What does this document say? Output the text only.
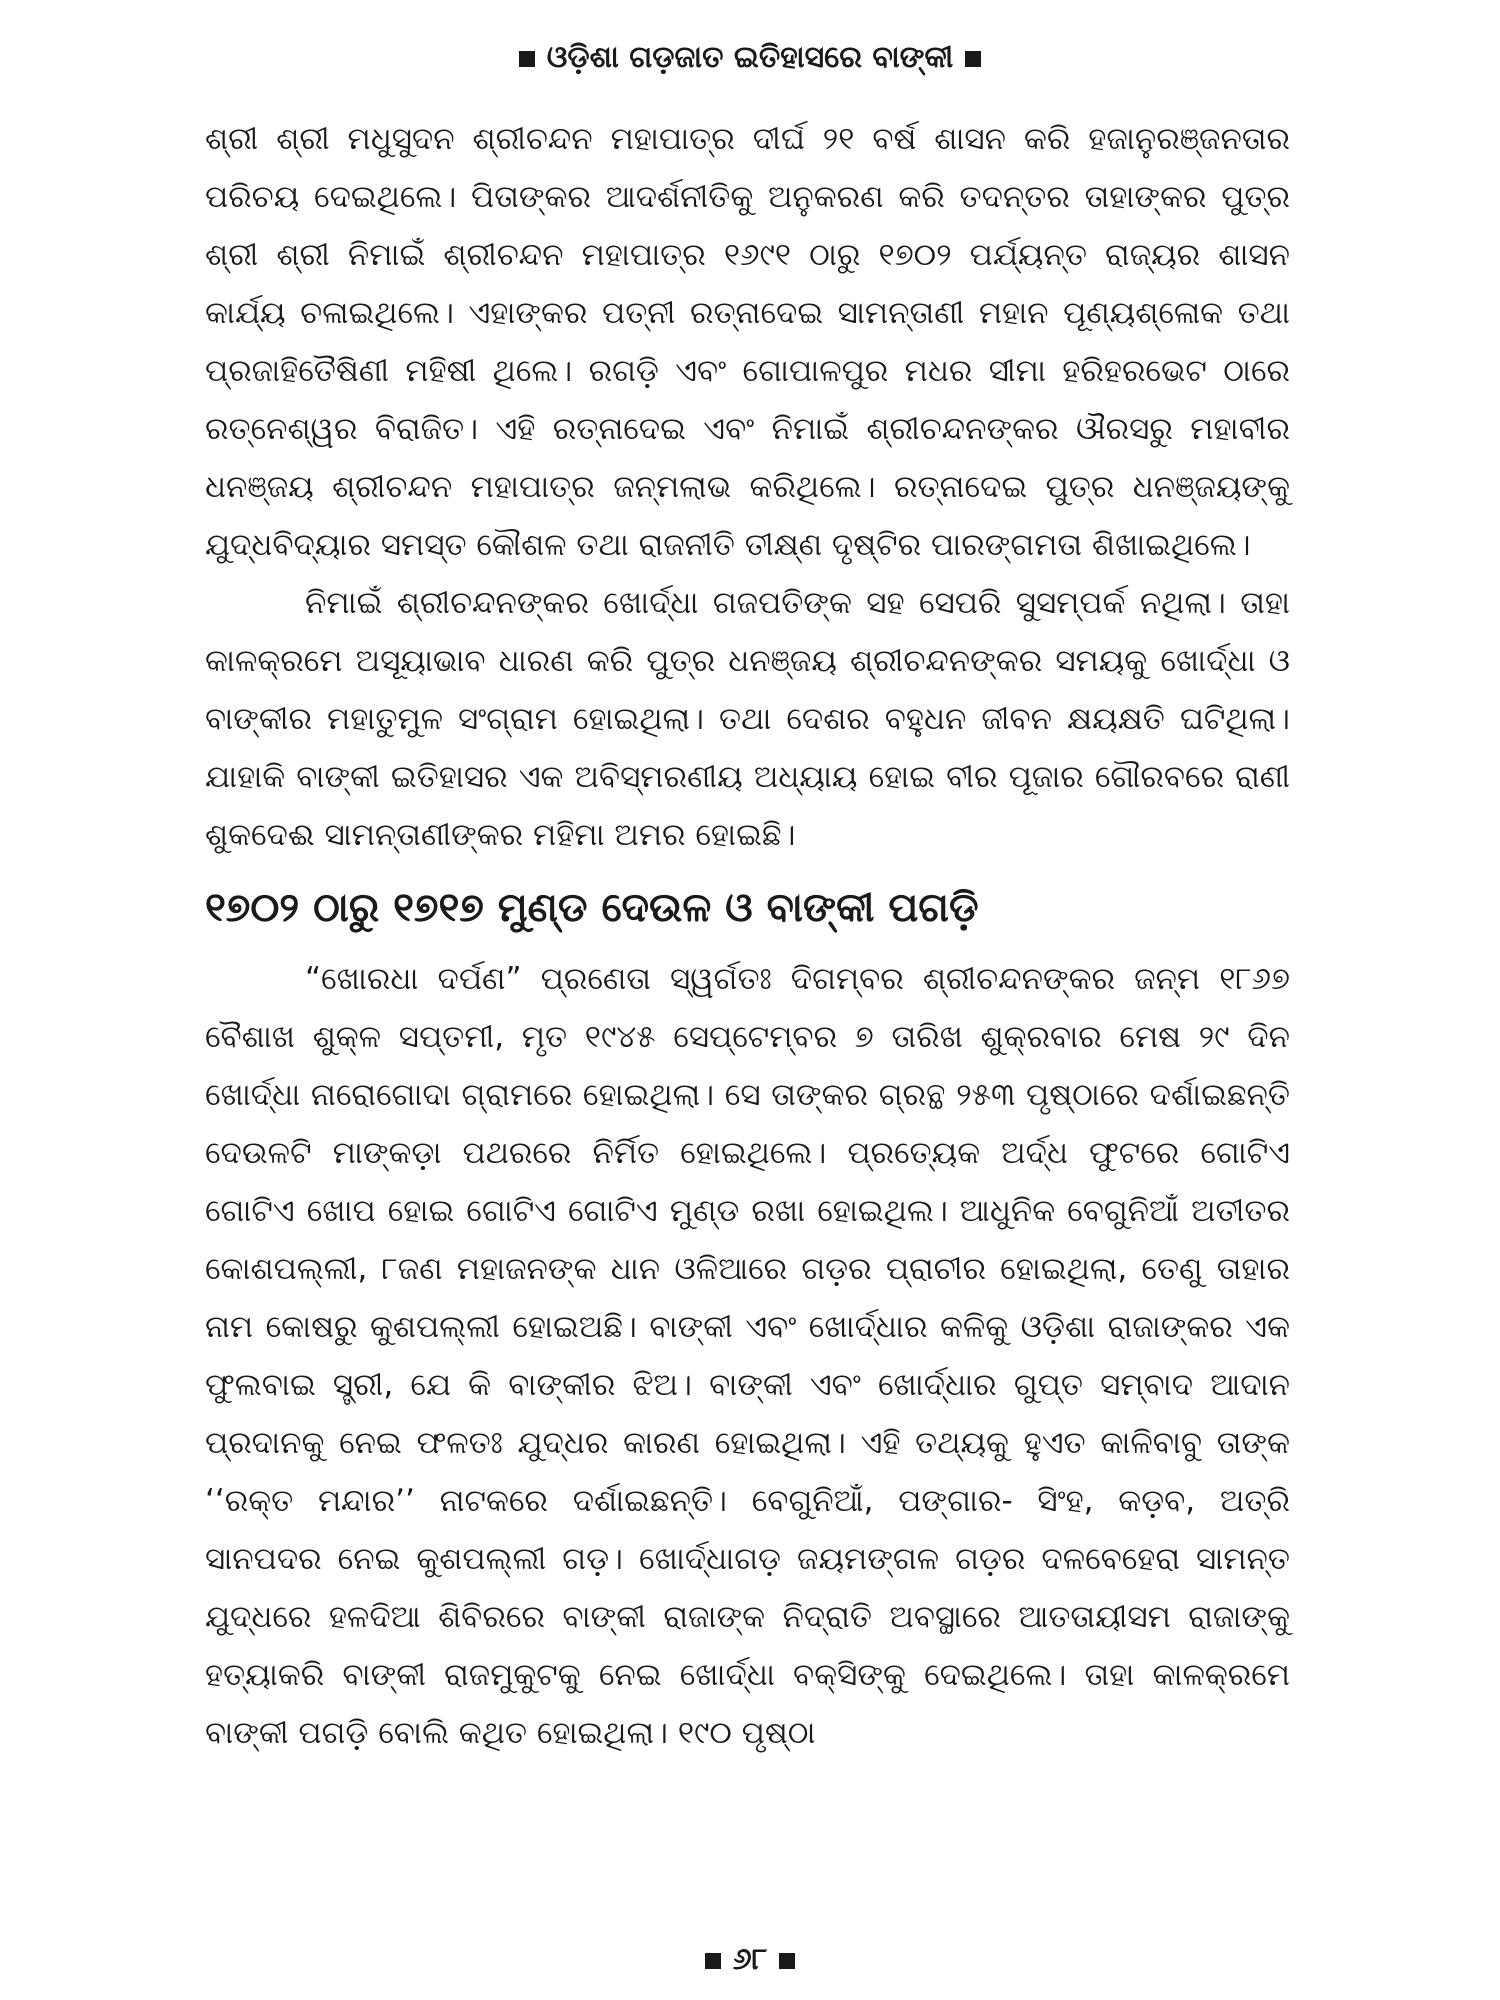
ଓଡ଼ିଶା ଗଡ଼ଜାତ ଇତିହାସରେ ବାଙ୍କୀ

ଶ୍ରୀ ଶ୍ରୀ ମଧୁସୁଦନ ଶ୍ରୀଚନ୍ଦନ ମହାପାତ୍ର ଦୀର୍ଘ ୨୧ ବର୍ଷ ଶାସନ କରି ହଜାନୁରଞ୍ଜନତାର ପରିଚୟ ଦେଇଥିଲେ। ପିତାଙ୍କର ଆଦର୍ଶନୀତିକୁ ଅନୁକରଣ କରି ତଦନ୍ତର ତାହାଙ୍କର ପୁତ୍ର ଶ୍ରୀ ଶ୍ରୀ ନିମାଇଁ ଶ୍ରୀଚନ୍ଦନ ମହାପାତ୍ର ୧୬୯୧ ଠାରୁ ୧୭୦୨ ପର୍ଯ୍ୟନ୍ତ ରାଜ୍ୟର ଶାସନ କାର୍ଯ୍ୟ ଚଳାଇଥିଲେ। ଏହାଙ୍କର ପତ୍ନୀ ରତ୍ନାଦେଇ ସାମନ୍ତାଣୀ ମହାନ ପୂଣ୍ୟଶ୍ଳୋକ ତଥା ପ୍ରଜାହିତୈଷିଣୀ ମହିଷୀ ଥିଲେ। ରଗଡ଼ି ଏବଂ ଗୋପାଳପୁର ମଧର ସୀମା ହରିହରଭେଟ ଠାରେ ରତ୍ନେଶ୍ୱର ବିରାଜିତ। ଏହି ରତ୍ନାଦେଇ ଏବଂ ନିମାଇଁ ଶ୍ରୀଚନ୍ଦନଙ୍କର ଔରସରୁ ମହାବୀର ଧନଞ୍ଜୟ ଶ୍ରୀଚନ୍ଦନ ମହାପାତ୍ର ଜନ୍ମଲାଭ କରିଥିଲେ। ରତ୍ନାଦେଇ ପୁତ୍ର ଧନଞ୍ଜୟଙ୍କୁ ଯୁଦ୍ଧବିଦ୍ୟାର ସମସ୍ତ କୌଶଳ ତଥା ରାଜନୀତି ତୀକ୍ଷ୍ଣ ଦୃଷ୍ଟିର ପାରଙ୍ଗମତା ଶିଖାଇଥିଲେ।

ନିମାଇଁ ଶ୍ରୀଚନ୍ଦନଙ୍କର ଖୋର୍ଦ୍ଧା ଗଜପତିଙ୍କ ସହ ସେପରି ସୁସମ୍ପର୍କ ନଥିଲା। ତାହା କାଳକ୍ରମେ ଅସୂୟାଭାବ ଧାରଣ କରି ପୁତ୍ର ଧନଞ୍ଜୟ ଶ୍ରୀଚନ୍ଦନଙ୍କର ସମୟକୁ ଖୋର୍ଦ୍ଧା ଓ ବାଙ୍କୀର ମହାତୁମୁଳ ସଂଗ୍ରାମ ହୋଇଥିଲା। ତଥା ଦେଶର ବହୁଧନ ଜୀବନ କ୍ଷୟକ୍ଷତି ଘଟିଥିଲା। ଯାହାକି ବାଙ୍କୀ ଇତିହାସର ଏକ ଅବିସ୍ମରଣୀୟ ଅଧ୍ୟାୟ ହୋଇ ବୀର ପୂଜାର ଗୌରବରେ ରାଣୀ ଶୁକଦେଈ ସାମନ୍ତାଣୀଙ୍କର ମହିମା ଅମର ହୋଇଛି।

୧୭୦୨ ଠାରୁ ୧୭୧୭ ମୁଣ୍ଡ ଦେଉଳ ଓ ବାଙ୍କୀ ପଗଡ଼ି

“ଖୋରଧା ଦର୍ପଣ” ପ୍ରଣେତା ସ୍ୱର୍ଗତଃ ଦିଗମ୍ବର ଶ୍ରୀଚନ୍ଦନଙ୍କର ଜନ୍ମ ୧୮୬୭ ବୈଶାଖ ଶୁକ୍ଳ ସପ୍ତମୀ, ମୃତ ୧୯୪୫ ସେପ୍ଟେମ୍ବର ୭ ତାରିଖ ଶୁକ୍ରବାର ମେଷ ୨୯ ଦିନ ଖୋର୍ଦ୍ଧା ନାରୋଗୋଦା ଗ୍ରାମରେ ହୋଇଥିଲା। ସେ ତାଙ୍କର ଗ୍ରନ୍ଥ ୨୫୩ ପୃଷ୍ଠାରେ ଦର୍ଶାଇଛନ୍ତି ଦେଉଳଟି ମାଙ୍କଡ଼ା ପଥରରେ ନିର୍ମିତ ହୋଇଥିଲେ। ପ୍ରତ୍ୟେକ ଅର୍ଦ୍ଧ ଫୁଟରେ ଗୋଟିଏ ଗୋଟିଏ ଖୋପ ହୋଇ ଗୋଟିଏ ଗୋଟିଏ ମୁଣ୍ଡ ରଖା ହୋଇଥିଲ। ଆଧୁନିକ ବେଗୁନିଆଁ ଅତୀତର କୋଶପଲ୍ଲୀ, ୮ଜଣ ମହାଜନଙ୍କ ଧାନ ଓଳିଆରେ ଗଡ଼ର ପ୍ରାଚୀର ହୋଇଥିଲା, ତେଣୁ ତାହାର ନାମ କୋଷରୁ କୁଶପଲ୍ଲୀ ହୋଇଅଛି। ବାଙ୍କୀ ଏବଂ ଖୋର୍ଦ୍ଧାର କଳିକୁ ଓଡ଼ିଶା ରାଜାଙ୍କର ଏକ ଫୁଲବାଇ ସ୍ତ୍ରୀ, ଯେ କି ବାଙ୍କୀର ଝିଅ। ବାଙ୍କୀ ଏବଂ ଖୋର୍ଦ୍ଧାର ଗୁପ୍ତ ସମ୍ବାଦ ଆଦାନ ପ୍ରଦାନକୁ ନେଇ ଫଳତଃ ଯୁଦ୍ଧର କାରଣ ହୋଇଥିଲା। ଏହି ତଥ୍ୟକୁ ହୁଏତ କାଳିବାବୁ ତାଙ୍କ ‘‘ରକ୍ତ ମନ୍ଦାର’’ ନାଟକରେ ଦର୍ଶାଇଛନ୍ତି। ବେଗୁନିଆଁ, ପଙ୍ଗାର- ସିଂହ, କଡ଼ବ, ଅତ୍ରି ସାନପଦର ନେଇ କୁଶପଲ୍ଲୀ ଗଡ଼। ଖୋର୍ଦ୍ଧାଗଡ଼ ଜୟମଙ୍ଗଳ ଗଡ଼ର ଦଳବେହେରା ସାମନ୍ତ ଯୁଦ୍ଧରେ ହଳଦିଆ ଶିବିରରେ ବାଙ୍କୀ ରାଜାଙ୍କ ନିଦ୍ରାତି ଅବସ୍ଥାରେ ଆତତାୟୀସମ ରାଜାଙ୍କୁ ହତ୍ୟାକରି ବାଙ୍କୀ ରାଜମୁକୁଟକୁ ନେଇ ଖୋର୍ଦ୍ଧା ବକ୍ସିଙ୍କୁ ଦେଇଥିଲେ। ତାହା କାଳକ୍ରମେ ବାଙ୍କୀ ପଗଡ଼ି ବୋଲି କଥିତ ହୋଇଥିଲା। ୧୯୦ ପୃଷ୍ଠା

୬୮
